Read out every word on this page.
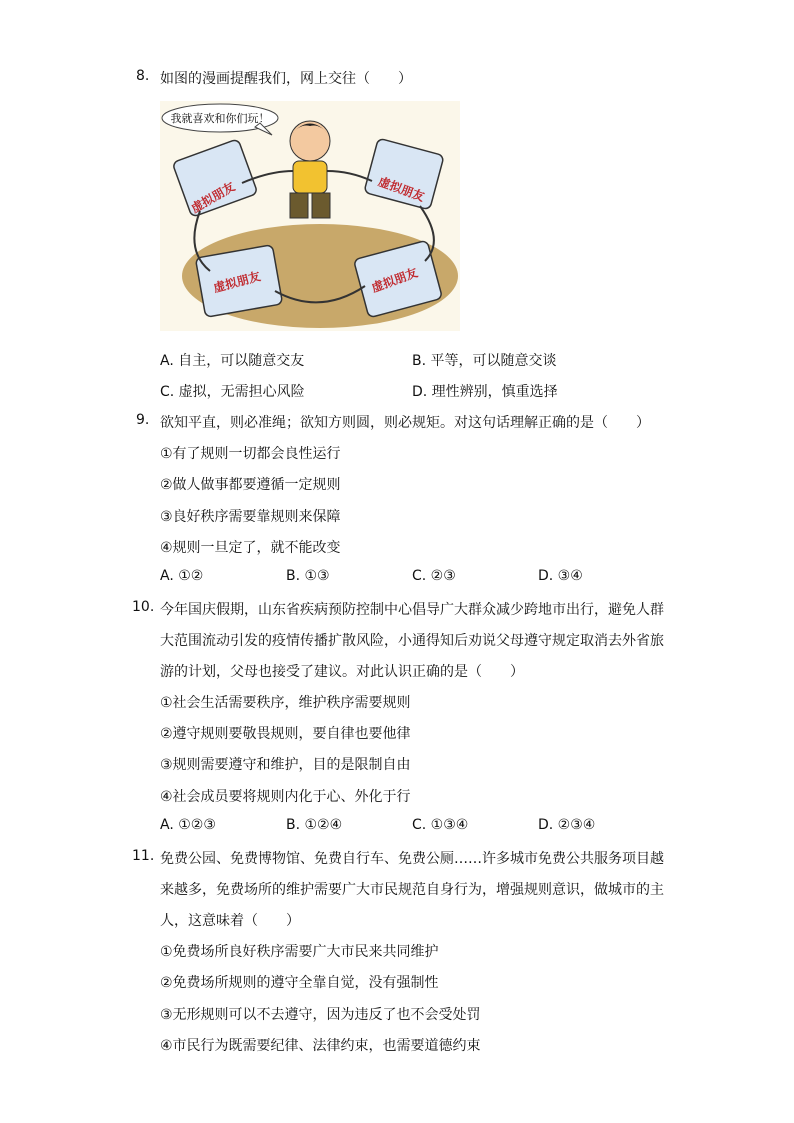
8. 如图的漫画提醒我们，网上交往（　　）
我就喜欢和你们玩！
虚拟朋友	虚拟朋友
虚拟朋友	虚拟朋友
A. 自主，可以随意交友	B. 平等，可以随意交谈
C. 虚拟，无需担心风险	D. 理性辨别，慎重选择
9. 欲知平直，则必准绳；欲知方则圆，则必规矩。对这句话理解正确的是（　　）
①有了规则一切都会良性运行
②做人做事都要遵循一定规则
③良好秩序需要靠规则来保障
④规则一旦定了，就不能改变
A. ①②	B. ①③	C. ②③	D. ③④
10. 今年国庆假期，山东省疾病预防控制中心倡导广大群众减少跨地市出行，避免人群
大范围流动引发的疫情传播扩散风险，小通得知后劝说父母遵守规定取消去外省旅
游的计划，父母也接受了建议。对此认识正确的是（　　）
①社会生活需要秩序，维护秩序需要规则
②遵守规则要敬畏规则，要自律也要他律
③规则需要遵守和维护，目的是限制自由
④社会成员要将规则内化于心、外化于行
A. ①②③	B. ①②④	C. ①③④	D. ②③④
11. 免费公园、免费博物馆、免费自行车、免费公厕……许多城市免费公共服务项目越
来越多，免费场所的维护需要广大市民规范自身行为，增强规则意识，做城市的主
人，这意味着（　　）
①免费场所良好秩序需要广大市民来共同维护
②免费场所规则的遵守全靠自觉，没有强制性
③无形规则可以不去遵守，因为违反了也不会受处罚
④市民行为既需要纪律、法律约束，也需要道德约束
